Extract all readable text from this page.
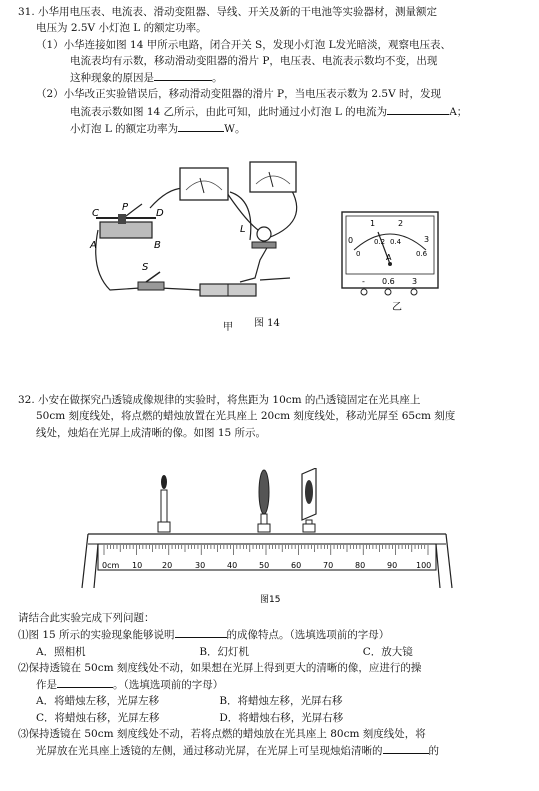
31. 小华用电压表、电流表、滑动变阻器、导线、开关及新的干电池等实验器材，测量额定
电压为 2.5V 小灯泡 L 的额定功率。
（1）小华连接如图 14 甲所示电路，闭合开关 S，发现小灯泡 L发光暗淡，观察电压表、
电流表均有示数，移动滑动变阻器的滑片 P，电压表、电流表示数均不变，出现
这种现象的原因是	。
（2）小华改正实验错误后，移动滑动变阻器的滑片 P，当电压表示数为 2.5V 时，发现
电流表示数如图 14 乙所示，由此可知，此时通过小灯泡 L 的电流为	A；
小灯泡 L 的额定功率为	W。
C
P
D
A	B
L
S
甲
0
1	2
3
0
0.2 0.4
0.6
A
- 0.6 3
乙
图 14
32. 小安在做探究凸透镜成像规律的实验时，将焦距为 10cm 的凸透镜固定在光具座上
50cm 刻度线处，将点燃的蜡烛放置在光具座上 20cm 刻度线处，移动光屏至 65cm 刻度
线处，烛焰在光屏上成清晰的像。如图 15 所示。
0cm 10 20	30	40	50	60	70	80	90 100
图15
请结合此实验完成下列问题：
⑴图 15 所示的实验现象能够说明	的成像特点。（选填选项前的字母）
A．照相机	B．幻灯机	C．放大镜
⑵保持透镜在 50cm 刻度线处不动，如果想在光屏上得到更大的清晰的像，应进行的操
作是	。（选填选项前的字母）
A．将蜡烛左移，光屏左移	B．将蜡烛左移，光屏右移
C．将蜡烛右移，光屏左移	D．将蜡烛右移，光屏右移
⑶保持透镜在 50cm 刻度线处不动，若将点燃的蜡烛放在光具座上 80cm 刻度线处，将
光屏放在光具座上透镜的左侧，通过移动光屏，在光屏上可呈现烛焰清晰的	的
